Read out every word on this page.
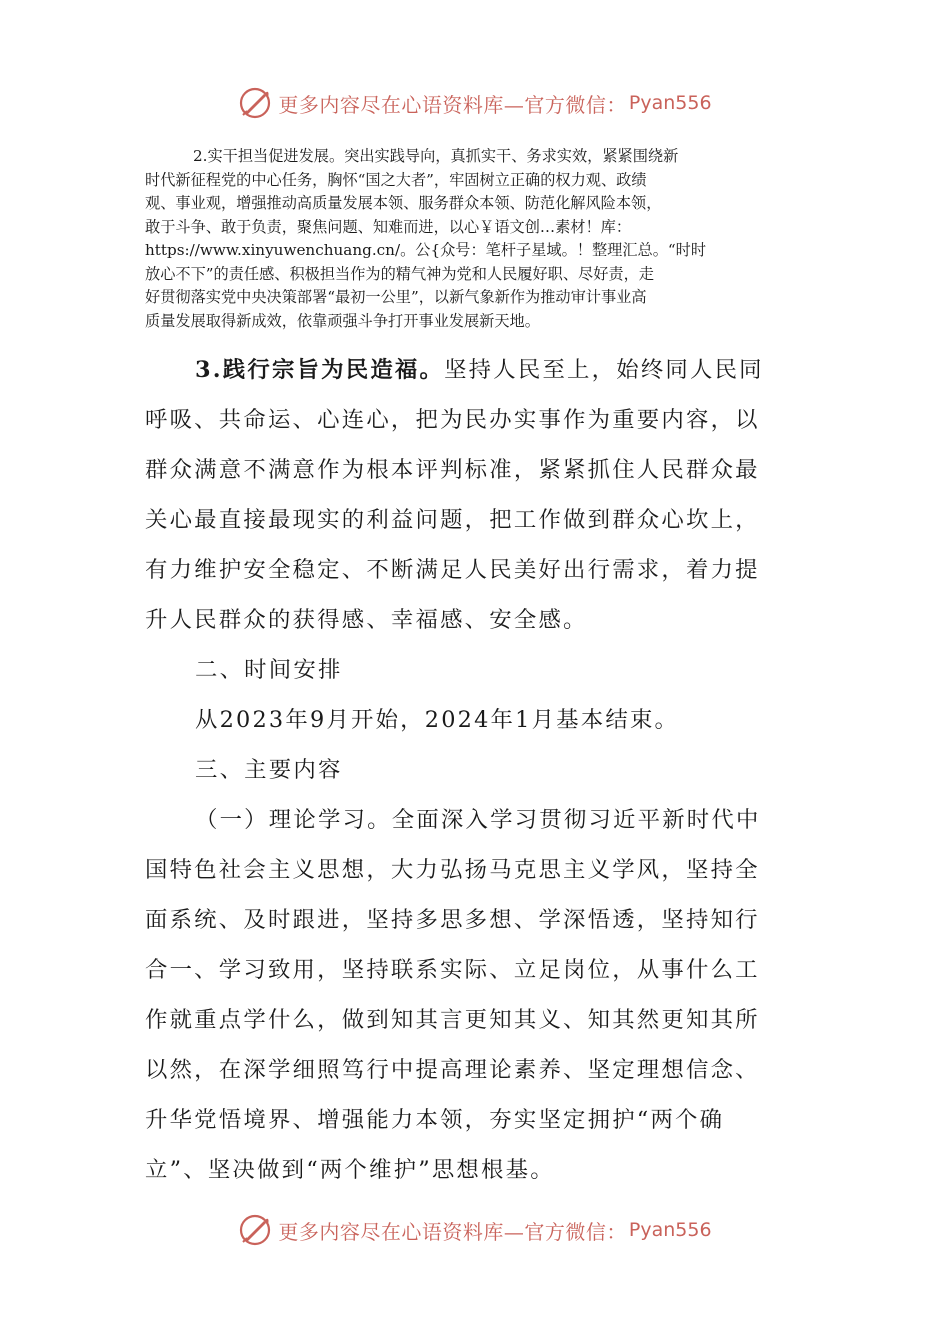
更多内容尽在心语资料库—官方微信： Pyan556

2.实干担当促进发展。突出实践导向，真抓实干、务求实效，紧紧围绕新

时代新征程党的中心任务，胸怀“国之大者”，牢固树立正确的权力观、政绩

观、事业观，增强推动高质量发展本领、服务群众本领、防范化解风险本领，

敢于斗争、敢于负责，聚焦问题、知难而进，以心￥语文创…素材！库：

https://www.xinyuwenchuang.cn/。公{众号：笔杆子星域。！整理汇总。“时时

放心不下”的责任感、积极担当作为的精气神为党和人民履好职、尽好责，走

好贯彻落实党中央决策部署“最初一公里”，以新气象新作为推动审计事业高

质量发展取得新成效，依靠顽强斗争打开事业发展新天地。

3.践行宗旨为民造福。坚持人民至上，始终同人民同

呼吸、共命运、心连心，把为民办实事作为重要内容，以

群众满意不满意作为根本评判标准，紧紧抓住人民群众最

关心最直接最现实的利益问题，把工作做到群众心坎上，

有力维护安全稳定、不断满足人民美好出行需求，着力提

升人民群众的获得感、幸福感、安全感。

二、时间安排

从2023年9月开始，2024年1月基本结束。

三、主要内容

（一）理论学习。全面深入学习贯彻习近平新时代中

国特色社会主义思想，大力弘扬马克思主义学风，坚持全

面系统、及时跟进，坚持多思多想、学深悟透，坚持知行

合一、学习致用，坚持联系实际、立足岗位，从事什么工

作就重点学什么，做到知其言更知其义、知其然更知其所

以然，在深学细照笃行中提高理论素养、坚定理想信念、

升华党悟境界、增强能力本领，夯实坚定拥护“两个确

立”、坚决做到“两个维护”思想根基。

更多内容尽在心语资料库—官方微信： Pyan556
